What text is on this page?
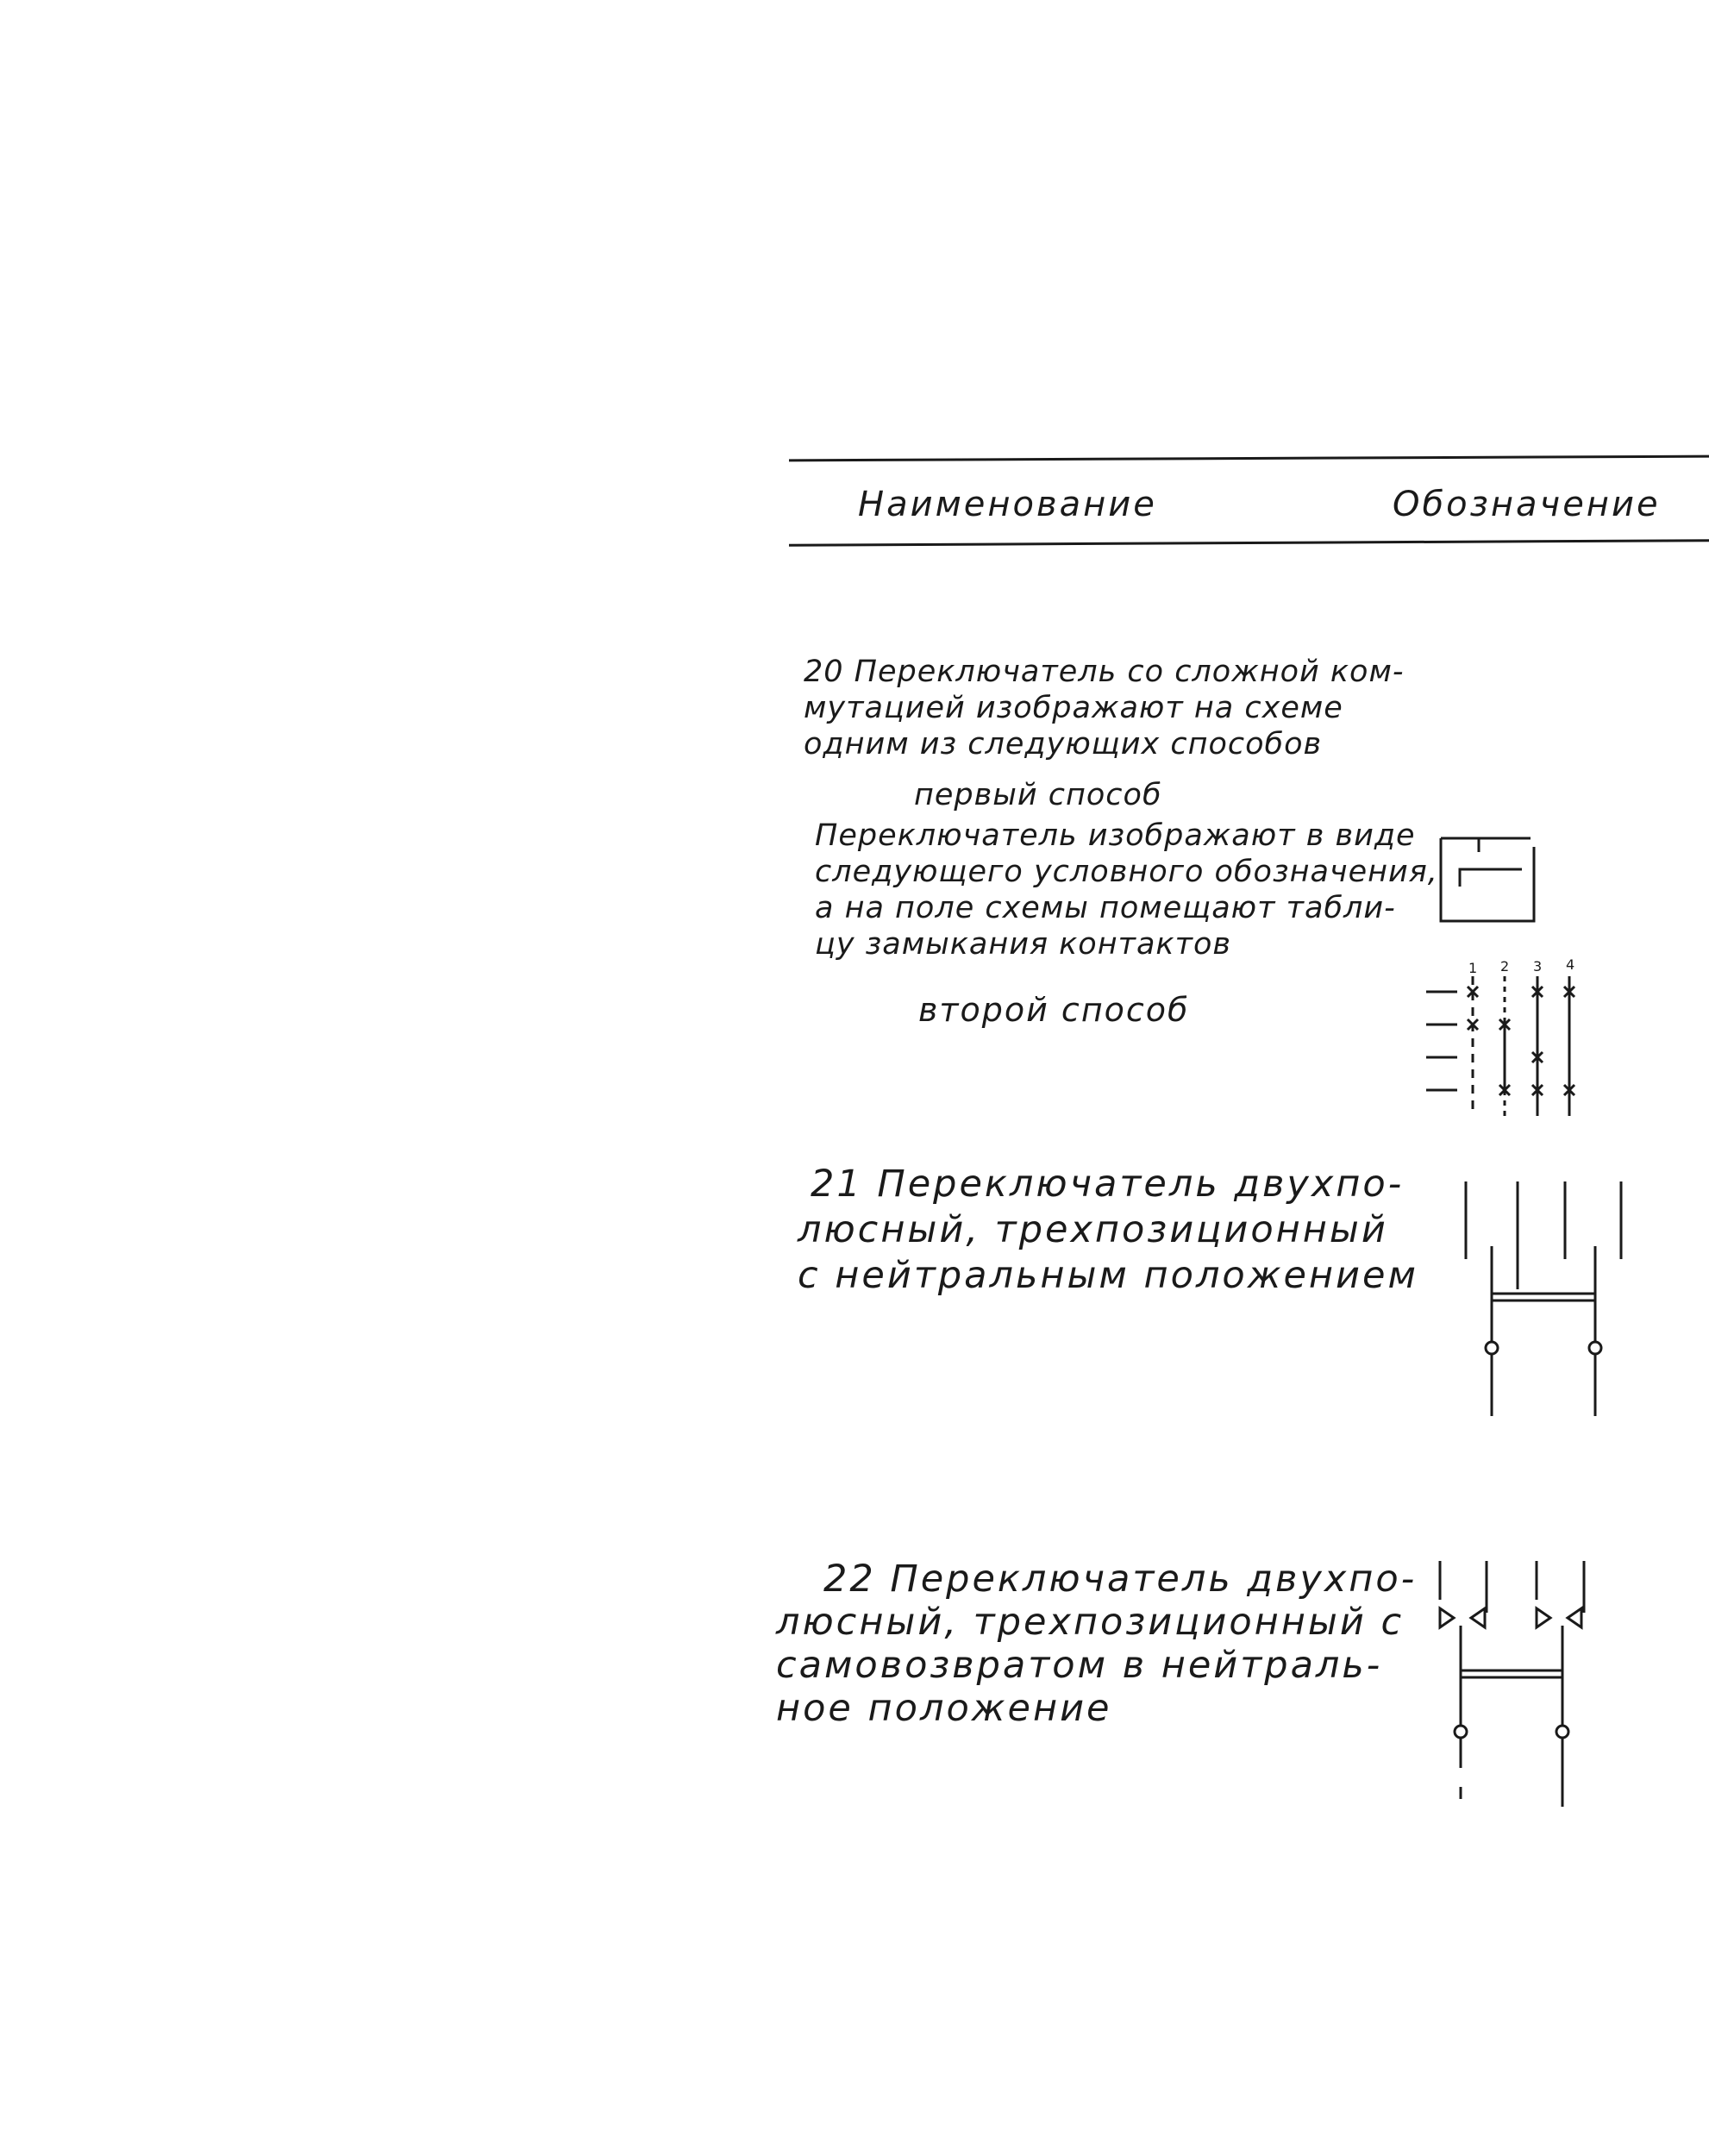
Наименование	Обозначение
20 Переключатель со сложной ком-
мутацией изображают на схеме
одним из следующих способов
первый способ
Переключатель изображают в виде
следующего условного обозначения,
а на поле схемы помещают табли-
цу замыкания контактов
второй способ
1 2 3 4
21 Переключатель двухпо-
люсный, трехпозиционный
с нейтральным положением
22 Переключатель двухпо-
люсный, трехпозиционный с
самовозвратом в нейтраль-
ное положение
